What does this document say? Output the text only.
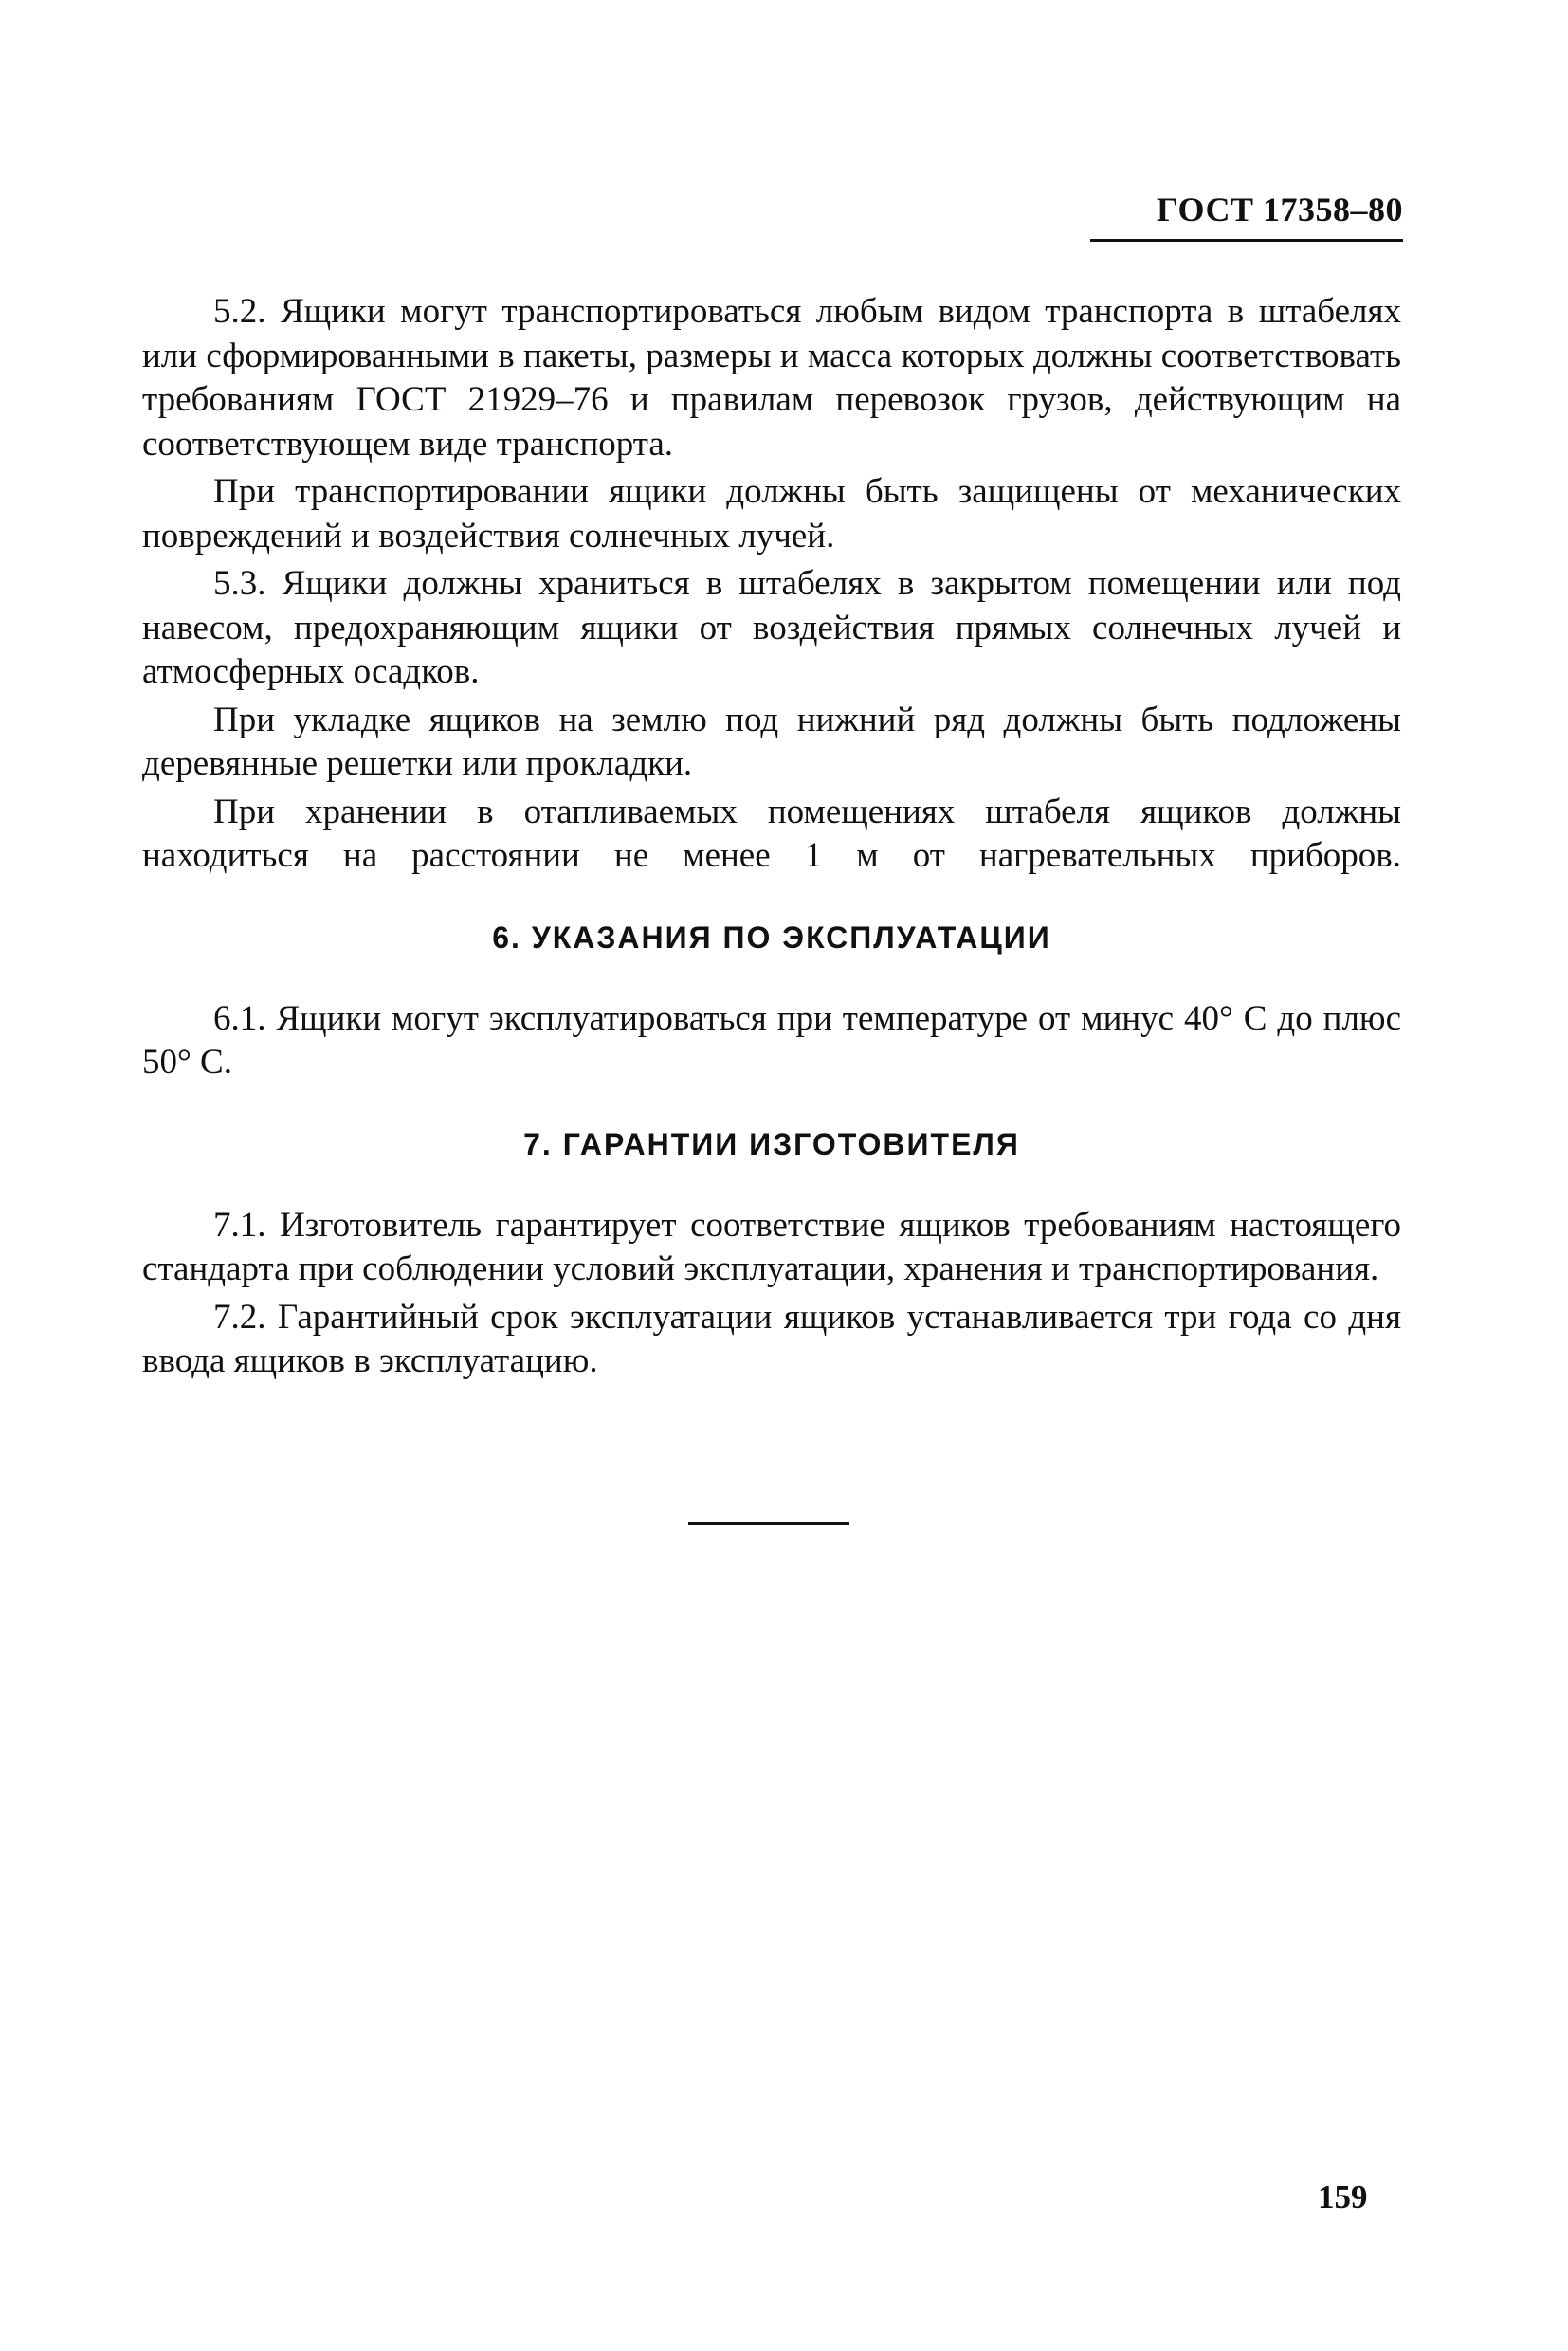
ГОСТ 17358–80

5.2. Ящики могут транспортироваться любым видом транспорта в штабелях или сформированными в пакеты, размеры и масса которых должны соответствовать требованиям ГОСТ 21929–76 и правилам перевозок грузов, действующим на соответствующем виде транспорта.

При транспортировании ящики должны быть защищены от механических повреждений и воздействия солнечных лучей.

5.3. Ящики должны храниться в штабелях в закрытом помещении или под навесом, предохраняющим ящики от воздействия прямых солнечных лучей и атмосферных осадков.

При укладке ящиков на землю под нижний ряд должны быть подложены деревянные решетки или прокладки.

При хранении в отапливаемых помещениях штабеля ящиков должны находиться на расстоянии не менее 1 м от нагревательных приборов.

6. УКАЗАНИЯ ПО ЭКСПЛУАТАЦИИ

6.1. Ящики могут эксплуатироваться при температуре от минус 40° С до плюс 50° С.

7. ГАРАНТИИ ИЗГОТОВИТЕЛЯ

7.1. Изготовитель гарантирует соответствие ящиков требованиям настоящего стандарта при соблюдении условий эксплуатации, хранения и транспортирования.

7.2. Гарантийный срок эксплуатации ящиков устанавливается три года со дня ввода ящиков в эксплуатацию.

159
